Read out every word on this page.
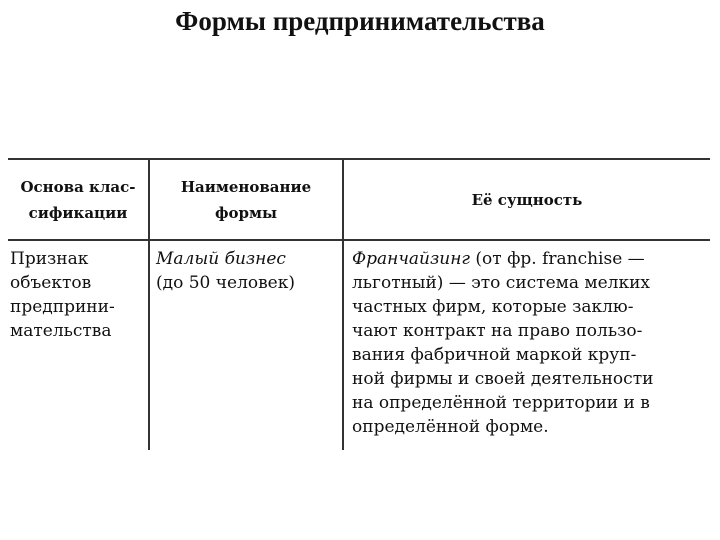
Формы предпринимательства
Основа клас-
сификации
Наименование
формы
Её сущность
Признак
объектов
предприни-
мательства
Малый бизнес
(до 50 человек)
Франчайзинг (от фр. franchise —
льготный) — это система мелких
частных фирм, которые заклю-
чают контракт на право пользо-
вания фабричной маркой круп-
ной фирмы и своей деятельности
на определённой территории и в
определённой форме.
